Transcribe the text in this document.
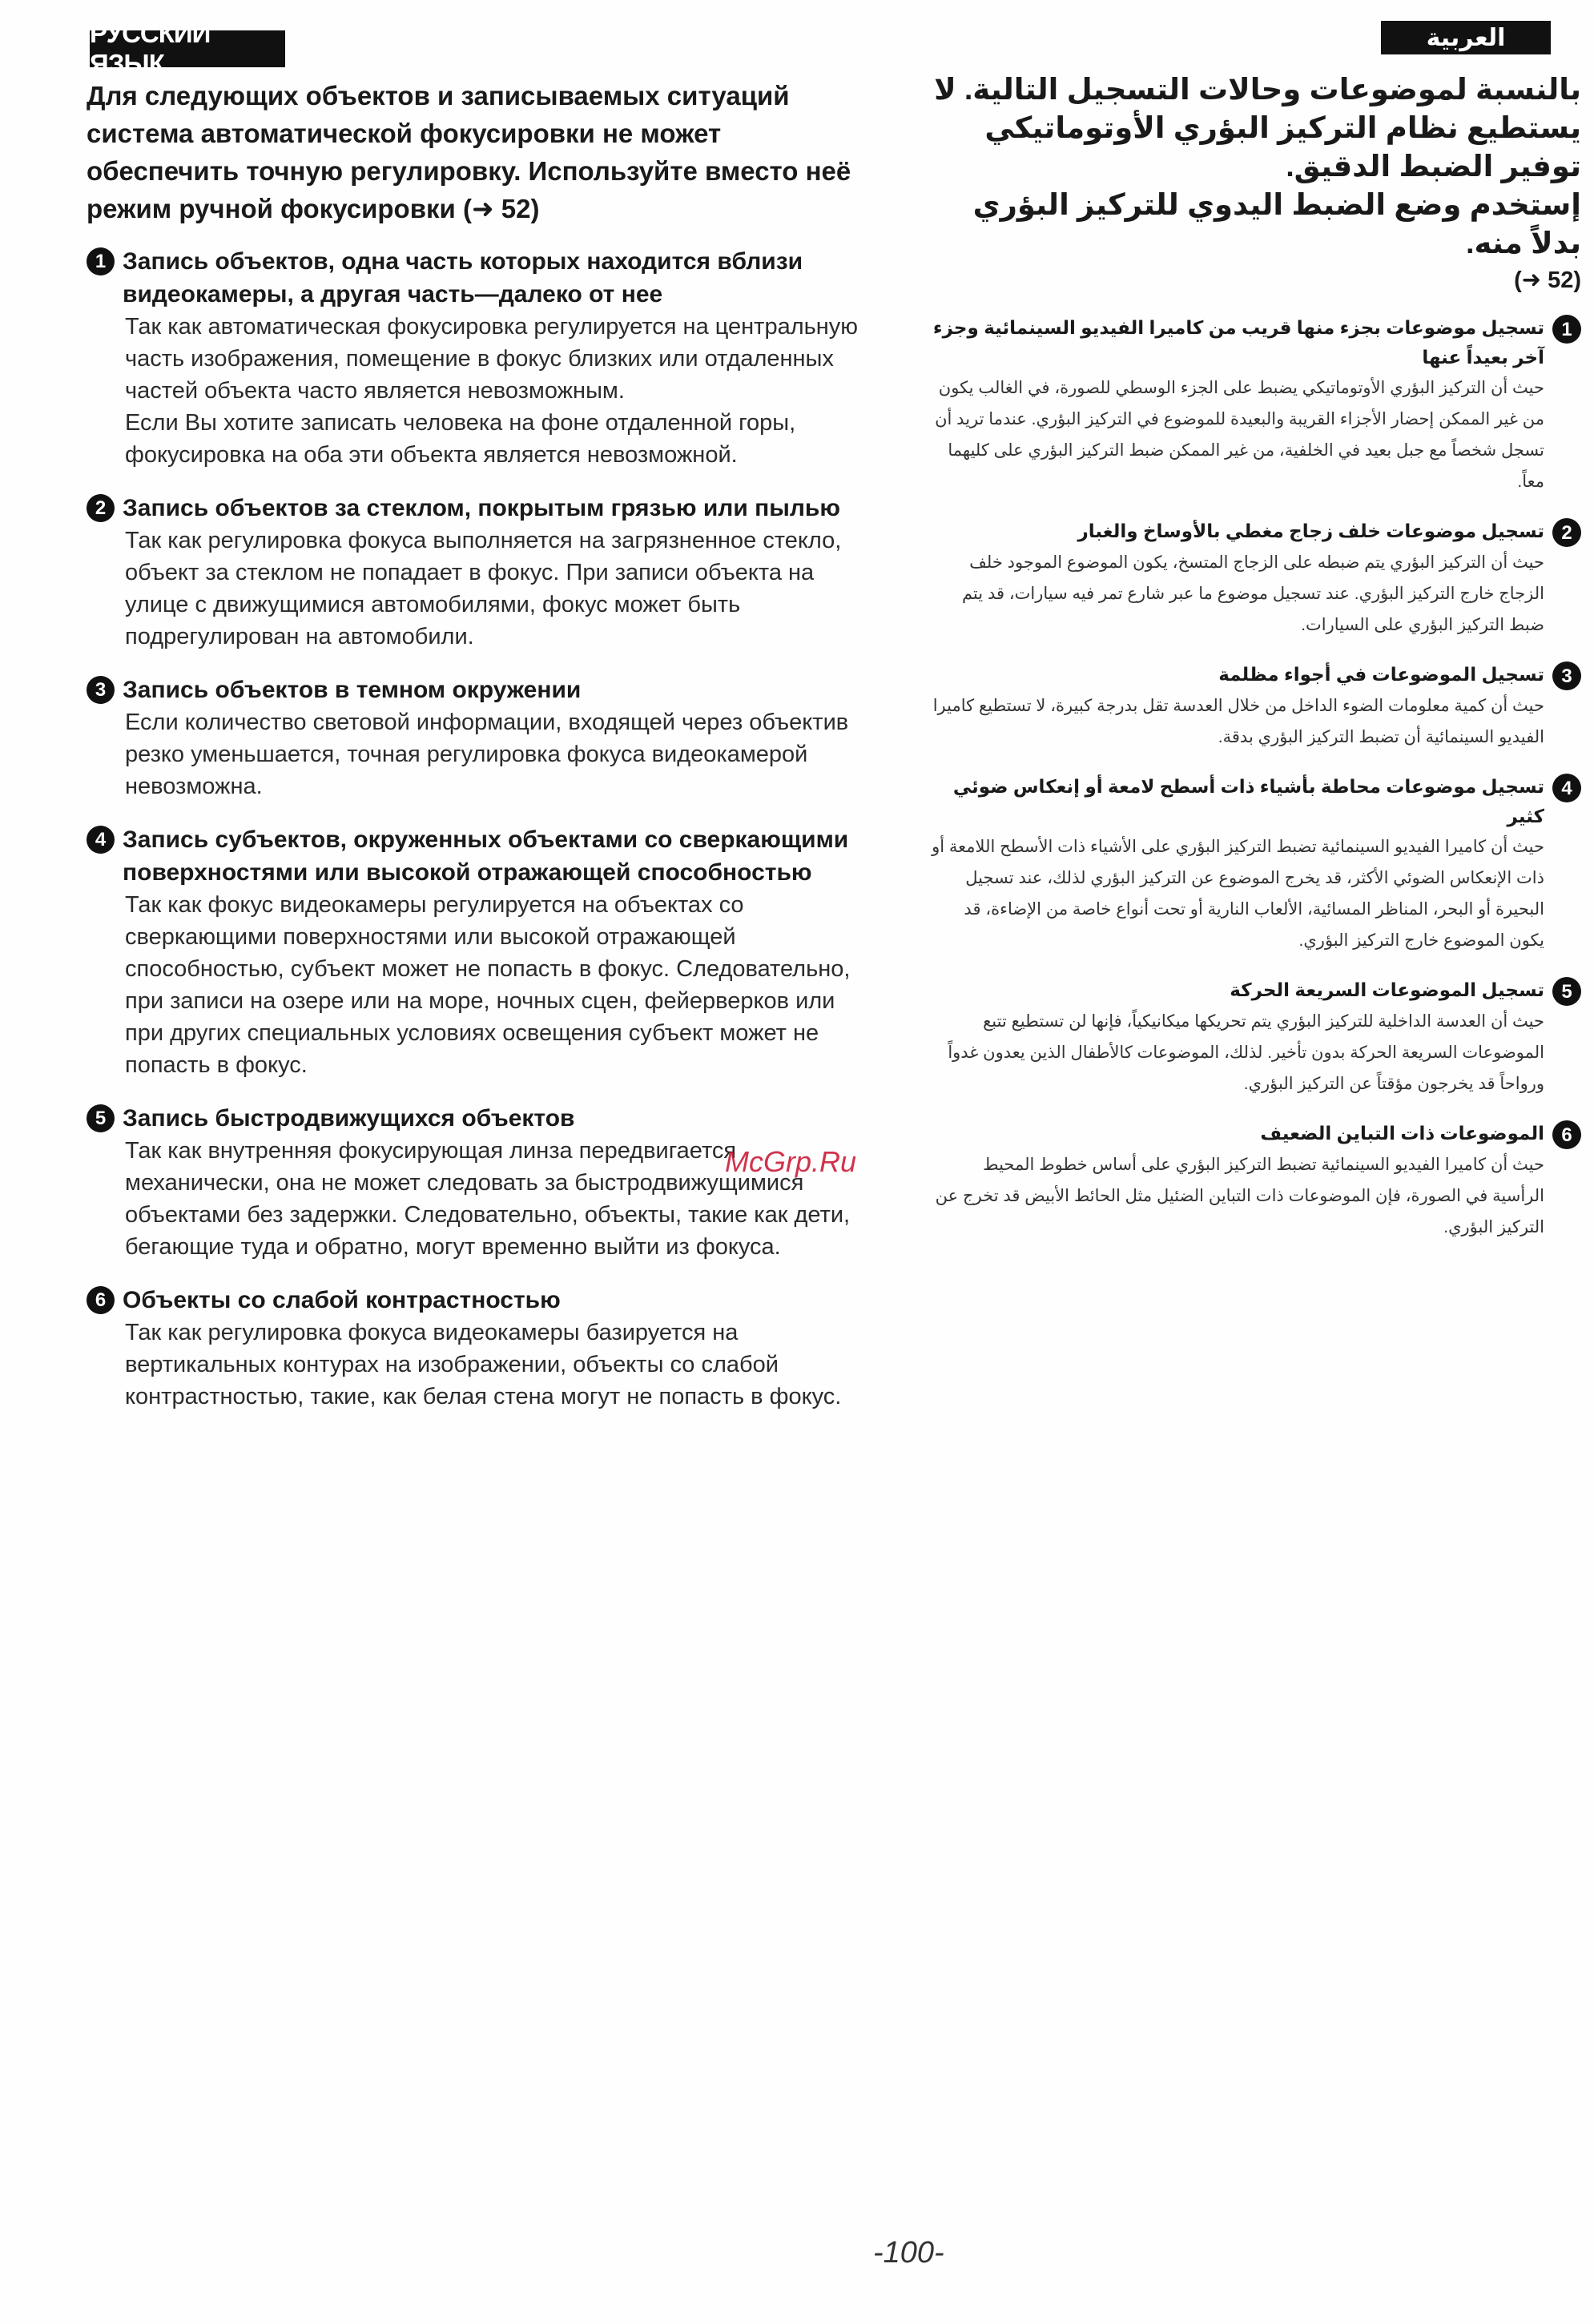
РУССКИЙ ЯЗЫК
العربية

Для следующих объектов и записываемых ситуаций система автоматической фокусировки не может обеспечить точную регулировку. Используйте вместо неё режим ручной фокусировки (➜ 52)

1 Запись объектов, одна часть которых находится вблизи видеокамеры, а другая часть—далеко от нее
Так как автоматическая фокусировка регулируется на центральную часть изображения, помещение в фокус близких или отдаленных частей объекта часто является невозможным.
Если Вы хотите записать человека на фоне отдаленной горы, фокусировка на оба эти объекта является невозможной.
2 Запись объектов за стеклом, покрытым грязью или пылью
Так как регулировка фокуса выполняется на загрязненное стекло, объект за стеклом не попадает в фокус. При записи объекта на улице с движущимися автомобилями, фокус может быть подрегулирован на автомобили.
3 Запись объектов в темном окружении
Если количество световой информации, входящей через объектив резко уменьшается, точная регулировка фокуса видеокамерой невозможна.
4 Запись субъектов, окруженных объектами со сверкающими поверхностями или высокой отражающей способностью
Так как фокус видеокамеры регулируется на объектах со сверкающими поверхностями или высокой отражающей способностью, субъект может не попасть в фокус. Следовательно, при записи на озере или на море, ночных сцен, фейерверков или при других специальных условиях освещения субъект может не попасть в фокус.
5 Запись быстродвижущихся объектов
Так как внутренняя фокусирующая линза передвигается механически, она не может следовать за быстродвижущимися объектами без задержки. Следовательно, объекты, такие как дети, бегающие туда и обратно, могут временно выйти из фокуса.
6 Объекты со слабой контрастностью
Так как регулировка фокуса видеокамеры базируется на вертикальных контурах на изображении, объекты со слабой контрастностью, такие, как белая стена могут не попасть в фокус.

بالنسبة لموضوعات وحالات التسجيل التالية. لا يستطيع نظام التركيز البؤري الأوتوماتيكي توفير الضبط الدقيق.
إستخدم وضع الضبط اليدوي للتركيز البؤري بدلاً منه.

(➜ 52)
1
تسجيل موضوعات بجزء منها قريب من كاميرا الفيديو السينمائية وجزء آخر بعيداً عنها
حيث أن التركيز البؤري الأوتوماتيكي يضبط على الجزء الوسطي للصورة، في الغالب يكون من غير الممكن إحضار الأجزاء القريبة والبعيدة للموضوع في التركيز البؤري. عندما تريد أن تسجل شخصاً مع جبل بعيد في الخلفية، من غير الممكن ضبط التركيز البؤري على كليهما معاً.
2
تسجيل موضوعات خلف زجاج مغطي بالأوساخ والغبار
حيث أن التركيز البؤري يتم ضبطه على الزجاج المتسخ، يكون الموضوع الموجود خلف الزجاج خارج التركيز البؤري. عند تسجيل موضوع ما عبر شارع تمر فيه سيارات، قد يتم ضبط التركيز البؤري على السيارات.
3
تسجيل الموضوعات في أجواء مظلمة
حيث أن كمية معلومات الضوء الداخل من خلال العدسة تقل بدرجة كبيرة، لا تستطيع كاميرا الفيديو السينمائية أن تضبط التركيز البؤري بدقة.
4
تسجيل موضوعات محاطة بأشياء ذات أسطح لامعة أو إنعكاس ضوئي كثير
حيث أن كاميرا الفيديو السينمائية تضبط التركيز البؤري على الأشياء ذات الأسطح اللامعة أو ذات الإنعكاس الضوئي الأكثر، قد يخرج الموضوع عن التركيز البؤري لذلك، عند تسجيل البحيرة أو البحر، المناظر المسائية، الألعاب النارية أو تحت أنواع خاصة من الإضاءة، قد يكون الموضوع خارج التركيز البؤري.
5
تسجيل الموضوعات السريعة الحركة
حيث أن العدسة الداخلية للتركيز البؤري يتم تحريكها ميكانيكياً، فإنها لن تستطيع تتبع الموضوعات السريعة الحركة بدون تأخير. لذلك، الموضوعات كالأطفال الذين يعدون غدواً ورواحاً قد يخرجون مؤقتاً عن التركيز البؤري.
6
الموضوعات ذات التباين الضعيف
حيث أن كاميرا الفيديو السينمائية تضبط التركيز البؤري على أساس خطوط المحيط الرأسية في الصورة، فإن الموضوعات ذات التباين الضئيل مثل الحائط الأبيض قد تخرج عن التركيز البؤري.
McGrp.Ru
-100-
